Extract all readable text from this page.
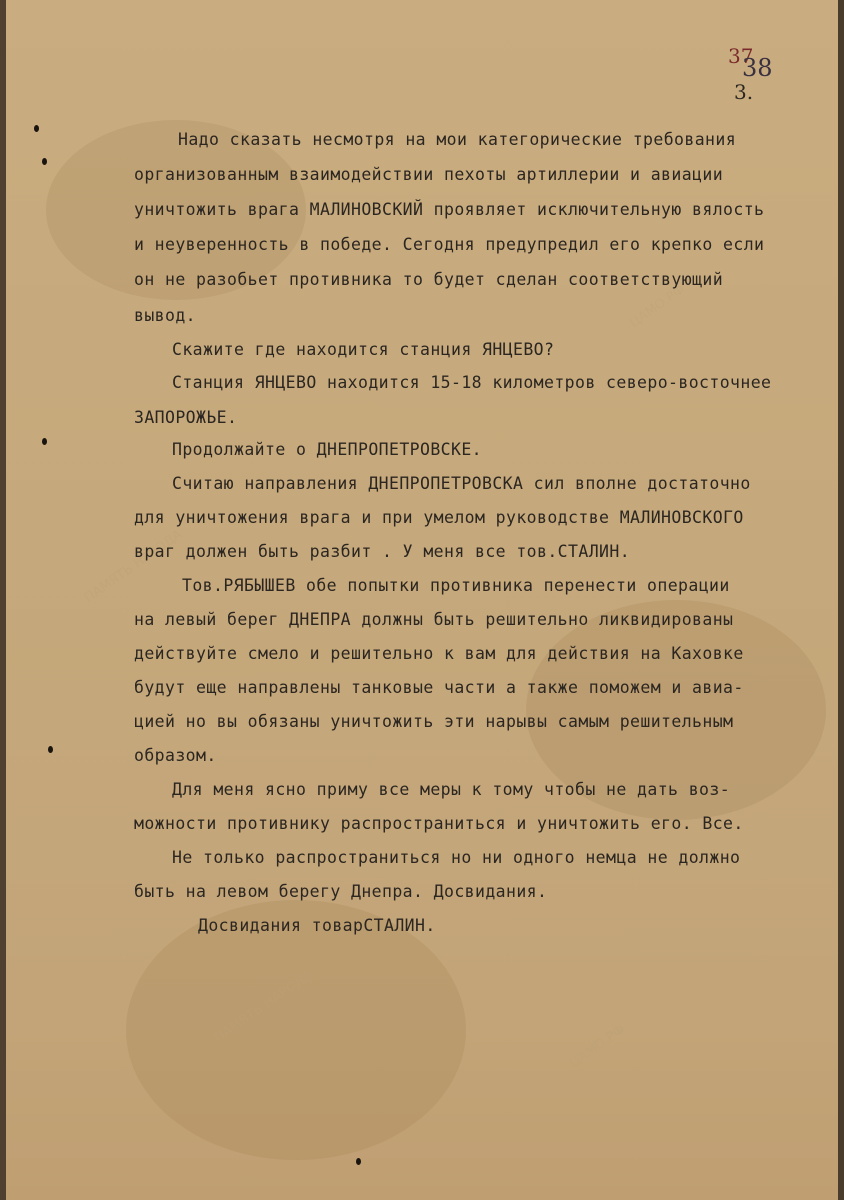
ПАМЯТЬ НАРОДА
ЦАМО.РФ
ПАМЯТЬ НАРОДА
ЦАМО.РФ
37
38
3.
Надо сказать несмотря на мои категорические требования
организованным взаимодействии пехоты артиллерии и авиации
уничтожить врага МАЛИНОВСКИЙ проявляет исключительную вялость
и неуверенность в победе. Сегодня предупредил его крепко если
он не разобьет противника то будет сделан соответствующий
вывод.
Скажите где находится станция ЯНЦЕВО?
Станция ЯНЦЕВО находится 15-18 километров северо-восточнее
ЗАПОРОЖЬЕ.
Продолжайте о ДНЕПРОПЕТРОВСКЕ.
Считаю направления ДНЕПРОПЕТРОВСКА сил вполне достаточно
для уничтожения врага и при умелом руководстве МАЛИНОВСКОГО
враг должен быть разбит . У меня все тов.СТАЛИН.
Тов.РЯБЫШЕВ обе попытки противника перенести операции
на левый берег ДНЕПРА должны быть решительно ликвидированы
действуйте смело и решительно к вам для действия на Каховке
будут еще направлены танковые части а также поможем и авиа-
цией но вы обязаны уничтожить эти нарывы самым решительным
образом.
Для меня ясно приму все меры к тому чтобы не дать воз-
можности противнику распространиться и уничтожить его. Все.
Не только распространиться но ни одного немца не должно
быть на левом берегу Днепра. Досвидания.
Досвидания товарСТАЛИН.
